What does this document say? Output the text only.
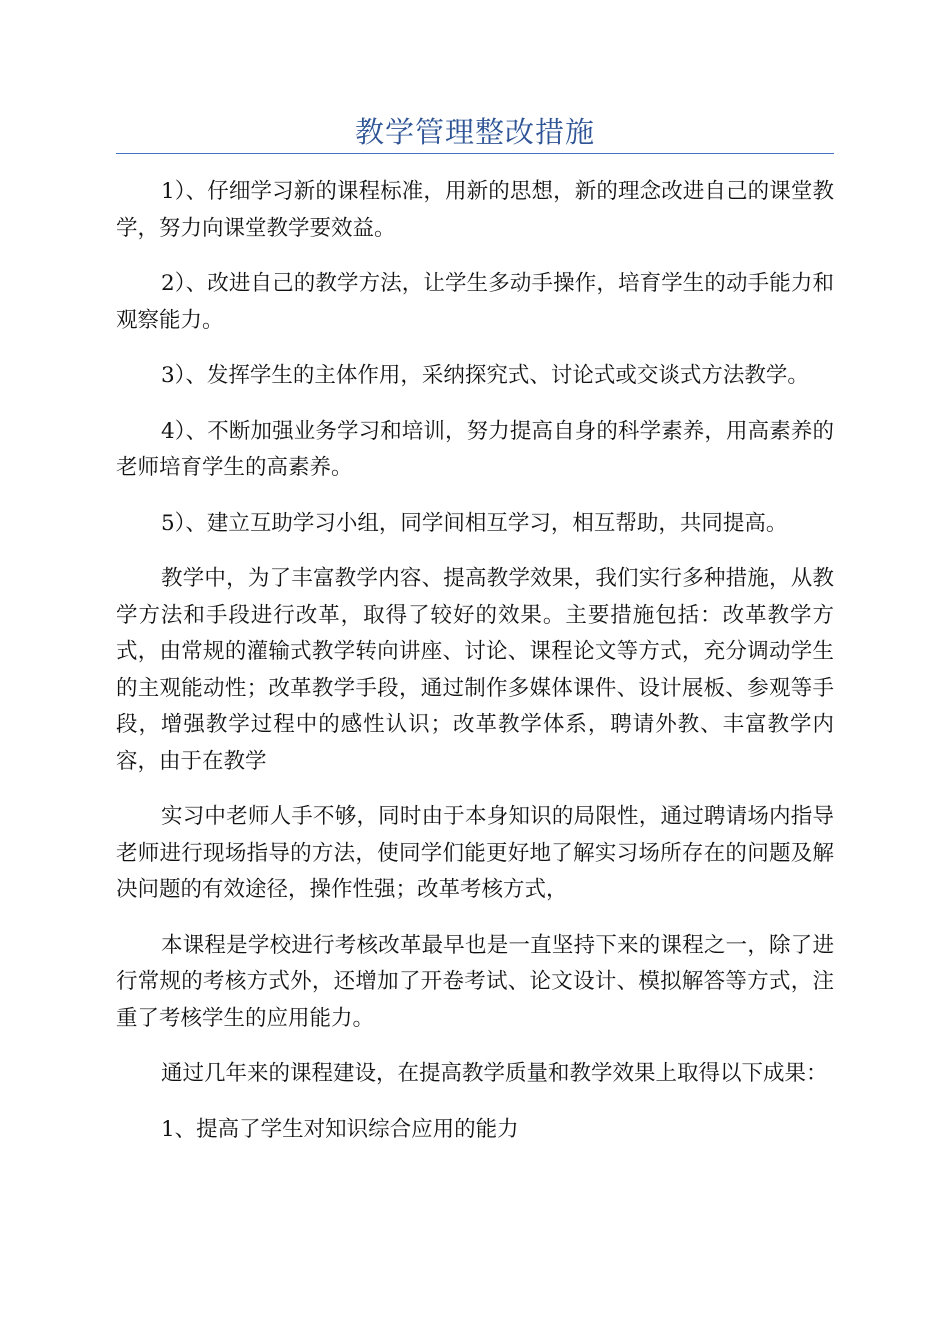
教学管理整改措施

1）、仔细学习新的课程标准，用新的思想，新的理念改进自己的课堂教学，努力向课堂教学要效益。

2）、改进自己的教学方法，让学生多动手操作，培育学生的动手能力和观察能力。

3）、发挥学生的主体作用，采纳探究式、讨论式或交谈式方法教学。

4）、不断加强业务学习和培训，努力提高自身的科学素养，用高素养的老师培育学生的高素养。

5）、建立互助学习小组，同学间相互学习，相互帮助，共同提高。

教学中，为了丰富教学内容、提高教学效果，我们实行多种措施，从教学方法和手段进行改革，取得了较好的效果。主要措施包括：改革教学方式，由常规的灌输式教学转向讲座、讨论、课程论文等方式，充分调动学生的主观能动性；改革教学手段，通过制作多媒体课件、设计展板、参观等手段，增强教学过程中的感性认识；改革教学体系，聘请外教、丰富教学内容，由于在教学

实习中老师人手不够，同时由于本身知识的局限性，通过聘请场内指导老师进行现场指导的方法，使同学们能更好地了解实习场所存在的问题及解决问题的有效途径，操作性强；改革考核方式，

本课程是学校进行考核改革最早也是一直坚持下来的课程之一，除了进行常规的考核方式外，还增加了开卷考试、论文设计、模拟解答等方式，注重了考核学生的应用能力。

通过几年来的课程建设，在提高教学质量和教学效果上取得以下成果：

1、提高了学生对知识综合应用的能力
